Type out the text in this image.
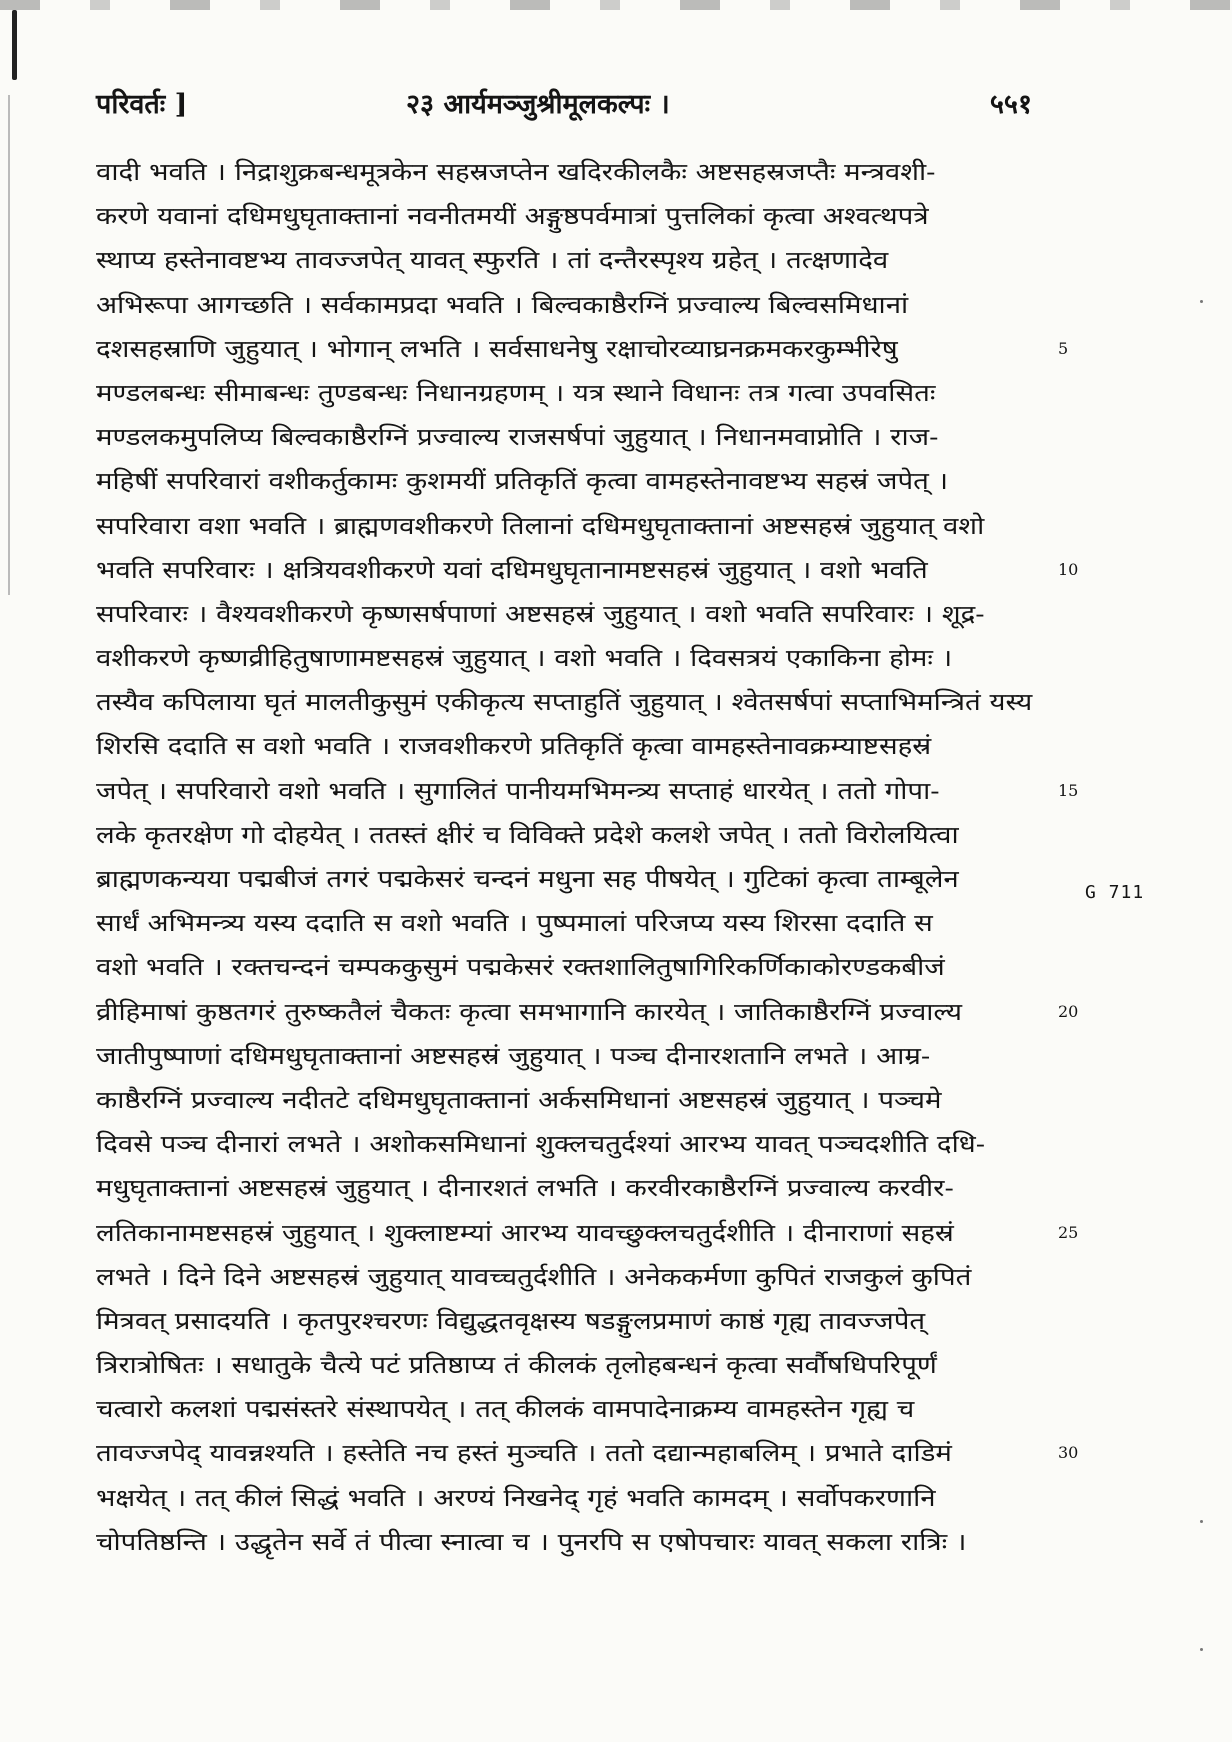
परिवर्तः ]	२३ आर्यमञ्जुश्रीमूलकल्पः ।	५५१
G 711
वादी भवति । निद्राशुक्रबन्धमूत्रकेन सहस्रजप्तेन खदिरकीलकैः अष्टसहस्रजप्तैः मन्त्रवशी-
करणे यवानां दधिमधुघृताक्तानां नवनीतमयीं अङ्गुष्ठपर्वमात्रां पुत्तलिकां कृत्वा अश्वत्थपत्रे
स्थाप्य हस्तेनावष्टभ्य तावज्जपेत् यावत् स्फुरति । तां दन्तैरस्पृश्य ग्रहेत् । तत्क्षणादेव
अभिरूपा आगच्छति । सर्वकामप्रदा भवति । बिल्वकाष्ठैरग्निं प्रज्वाल्य बिल्वसमिधानां
दशसहस्राणि जुहुयात् । भोगान् लभति । सर्वसाधनेषु रक्षाचोरव्याघ्रनक्रमकरकुम्भीरेषु	5
मण्डलबन्धः सीमाबन्धः तुण्डबन्धः निधानग्रहणम् । यत्र स्थाने विधानः तत्र गत्वा उपवसितः
मण्डलकमुपलिप्य बिल्वकाष्ठैरग्निं प्रज्वाल्य राजसर्षपां जुहुयात् । निधानमवाप्नोति । राज-
महिषीं सपरिवारां वशीकर्तुकामः कुशमयीं प्रतिकृतिं कृत्वा वामहस्तेनावष्टभ्य सहस्रं जपेत् ।
सपरिवारा वशा भवति । ब्राह्मणवशीकरणे तिलानां दधिमधुघृताक्तानां अष्टसहस्रं जुहुयात् वशो
भवति सपरिवारः । क्षत्रियवशीकरणे यवां दधिमधुघृतानामष्टसहस्रं जुहुयात् । वशो भवति	10
सपरिवारः । वैश्यवशीकरणे कृष्णसर्षपाणां अष्टसहस्रं जुहुयात् । वशो भवति सपरिवारः । शूद्र-
वशीकरणे कृष्णव्रीहितुषाणामष्टसहस्रं जुहुयात् । वशो भवति । दिवसत्रयं एकाकिना होमः ।
तस्यैव कपिलाया घृतं मालतीकुसुमं एकीकृत्य सप्ताहुतिं जुहुयात् । श्वेतसर्षपां सप्ताभिमन्त्रितं यस्य
शिरसि ददाति स वशो भवति । राजवशीकरणे प्रतिकृतिं कृत्वा वामहस्तेनावक्रम्याष्टसहस्रं
जपेत् । सपरिवारो वशो भवति । सुगालितं पानीयमभिमन्त्र्य सप्ताहं धारयेत् । ततो गोपा-	15
लके कृतरक्षेण गो दोहयेत् । ततस्तं क्षीरं च विविक्ते प्रदेशे कलशे जपेत् । ततो विरोलयित्वा
ब्राह्मणकन्यया पद्मबीजं तगरं पद्मकेसरं चन्दनं मधुना सह पीषयेत् । गुटिकां कृत्वा ताम्बूलेन
सार्धं अभिमन्त्र्य यस्य ददाति स वशो भवति । पुष्पमालां परिजप्य यस्य शिरसा ददाति स
वशो भवति । रक्तचन्दनं चम्पककुसुमं पद्मकेसरं रक्तशालितुषागिरिकर्णिकाकोरण्डकबीजं
व्रीहिमाषां कुष्ठतगरं तुरुष्कतैलं चैकतः कृत्वा समभागानि कारयेत् । जातिकाष्ठैरग्निं प्रज्वाल्य	20
जातीपुष्पाणां दधिमधुघृताक्तानां अष्टसहस्रं जुहुयात् । पञ्च दीनारशतानि लभते । आम्र-
काष्ठैरग्निं प्रज्वाल्य नदीतटे दधिमधुघृताक्तानां अर्कसमिधानां अष्टसहस्रं जुहुयात् । पञ्चमे
दिवसे पञ्च दीनारां लभते । अशोकसमिधानां शुक्लचतुर्दश्यां आरभ्य यावत् पञ्चदशीति दधि-
मधुघृताक्तानां अष्टसहस्रं जुहुयात् । दीनारशतं लभति । करवीरकाष्ठैरग्निं प्रज्वाल्य करवीर-
लतिकानामष्टसहस्रं जुहुयात् । शुक्लाष्टम्यां आरभ्य यावच्छुक्लचतुर्दशीति । दीनाराणां सहस्रं	25
लभते । दिने दिने अष्टसहस्रं जुहुयात् यावच्चतुर्दशीति । अनेककर्मणा कुपितं राजकुलं कुपितं
मित्रवत् प्रसादयति । कृतपुरश्चरणः विद्युद्धतवृक्षस्य षडङ्गुलप्रमाणं काष्ठं गृह्य तावज्जपेत्
त्रिरात्रोषितः । सधातुके चैत्ये पटं प्रतिष्ठाप्य तं कीलकं तृलोहबन्धनं कृत्वा सर्वौषधिपरिपूर्णं
चत्वारो कलशां पद्मसंस्तरे संस्थापयेत् । तत् कीलकं वामपादेनाक्रम्य वामहस्तेन गृह्य च
तावज्जपेद् यावन्नश्यति । हस्तेति नच हस्तं मुञ्चति । ततो दद्यान्महाबलिम् । प्रभाते दाडिमं	30
भक्षयेत् । तत् कीलं सिद्धं भवति । अरण्यं निखनेद् गृहं भवति कामदम् । सर्वोपकरणानि
चोपतिष्ठन्ति । उद्धृतेन सर्वे तं पीत्वा स्नात्वा च । पुनरपि स एषोपचारः यावत् सकला रात्रिः ।
